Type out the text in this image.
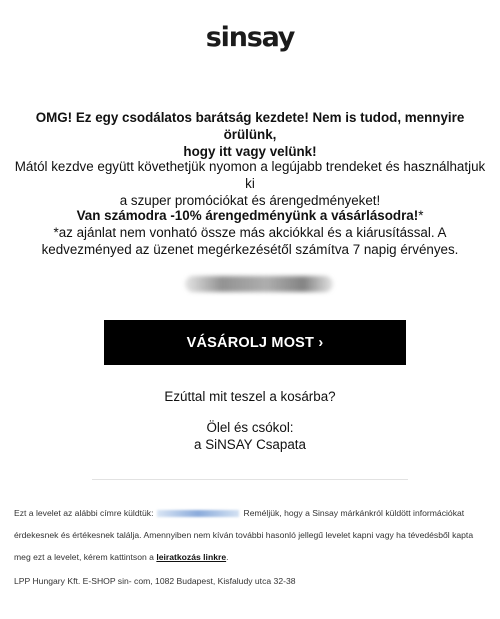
sinsay
OMG! Ez egy csodálatos barátság kezdete! Nem is tudod, mennyire örülünk,
hogy itt vagy velünk!
Mától kezdve együtt követhetjük nyomon a legújabb trendeket és használhatjuk ki
a szuper promóciókat és árengedményeket!
Van számodra -10% árengedményünk a vásárlásodra!*
*az ajánlat nem vonható össze más akciókkal és a kiárusítással. A
kedvezményed az üzenet megérkezésétől számítva 7 napig érvényes.
VÁSÁROLJ MOST ›
Ezúttal mit teszel a kosárba?
Ölel és csókol:
a SiNSAY Csapata
Ezt a levelet az alábbi címre küldtük:	Reméljük, hogy a Sinsay márkánkról küldött információkat
érdekesnek és értékesnek találja. Amennyiben nem kíván további hasonló jellegű levelet kapni vagy ha tévedésből kapta
meg ezt a levelet, kérem kattintson a leiratkozás linkre.
LPP Hungary Kft. E-SHOP sin- com, 1082 Budapest, Kisfaludy utca 32-38
